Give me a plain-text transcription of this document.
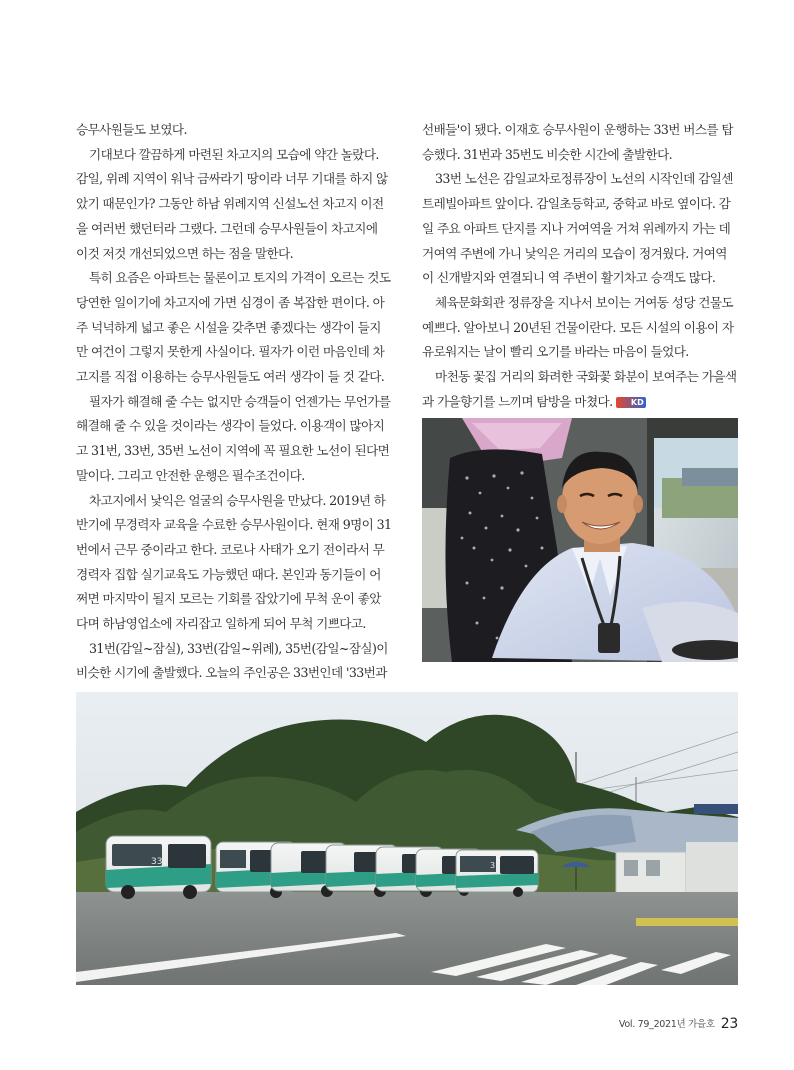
승무사원들도 보였다.

기대보다 깔끔하게 마련된 차고지의 모습에 약간 놀랐다. 감일, 위례 지역이 워낙 금싸라기 땅이라 너무 기대를 하지 않았기 때문인가? 그동안 하남 위례지역 신설노선 차고지 이전을 여러번 했던터라 그랬다. 그런데 승무사원들이 차고지에 이것 저것 개선되었으면 하는 점을 말한다.

특히 요즘은 아파트는 물론이고 토지의 가격이 오르는 것도 당연한 일이기에 차고지에 가면 심경이 좀 복잡한 편이다. 아주 넉넉하게 넓고 좋은 시설을 갖추면 좋겠다는 생각이 들지만 여건이 그렇지 못한게 사실이다. 필자가 이런 마음인데 차고지를 직접 이용하는 승무사원들도 여러 생각이 들 것 같다.

필자가 해결해 줄 수는 없지만 승객들이 언젠가는 무언가를 해결해 줄 수 있을 것이라는 생각이 들었다. 이용객이 많아지고 31번, 33번, 35번 노선이 지역에 꼭 필요한 노선이 된다면 말이다. 그리고 안전한 운행은 필수조건이다.

차고지에서 낯익은 얼굴의 승무사원을 만났다. 2019년 하반기에 무경력자 교육을 수료한 승무사원이다. 현재 9명이 31번에서 근무 중이라고 한다. 코로나 사태가 오기 전이라서 무경력자 집합 실기교육도 가능했던 때다. 본인과 동기들이 어쩌면 마지막이 될지 모르는 기회를 잡았기에 무척 운이 좋았다며 하남영업소에 자리잡고 일하게 되어 무척 기쁘다고.

31번(감일~잠실), 33번(감일~위례), 35번(감일~잠실)이 비슷한 시기에 출발했다. 오늘의 주인공은 33번인데 '33번과

선배들'이 됐다. 이재호 승무사원이 운행하는 33번 버스를 탑승했다. 31번과 35번도 비슷한 시간에 출발한다.

33번 노선은 감일교차로정류장이 노선의 시작인데 감일센트레빌아파트 앞이다. 감일초등학교, 중학교 바로 옆이다. 감일 주요 아파트 단지를 지나 거여역을 거쳐 위례까지 가는 데 거여역 주변에 가니 낯익은 거리의 모습이 정겨웠다. 거여역이 신개발지와 연결되니 역 주변이 활기차고 승객도 많다.

체육문화회관 정류장을 지나서 보이는 거여동 성당 건물도 예쁘다. 알아보니 20년된 건물이란다. 모든 시설의 이용이 자유로워지는 날이 빨리 오기를 바라는 마음이 들었다.

마천동 꽃집 거리의 화려한 국화꽃 화분이 보여주는 가을색과 가을향기를 느끼며 탐방을 마쳤다. KD

33	31
Vol. 79_2021년 가을호 23
